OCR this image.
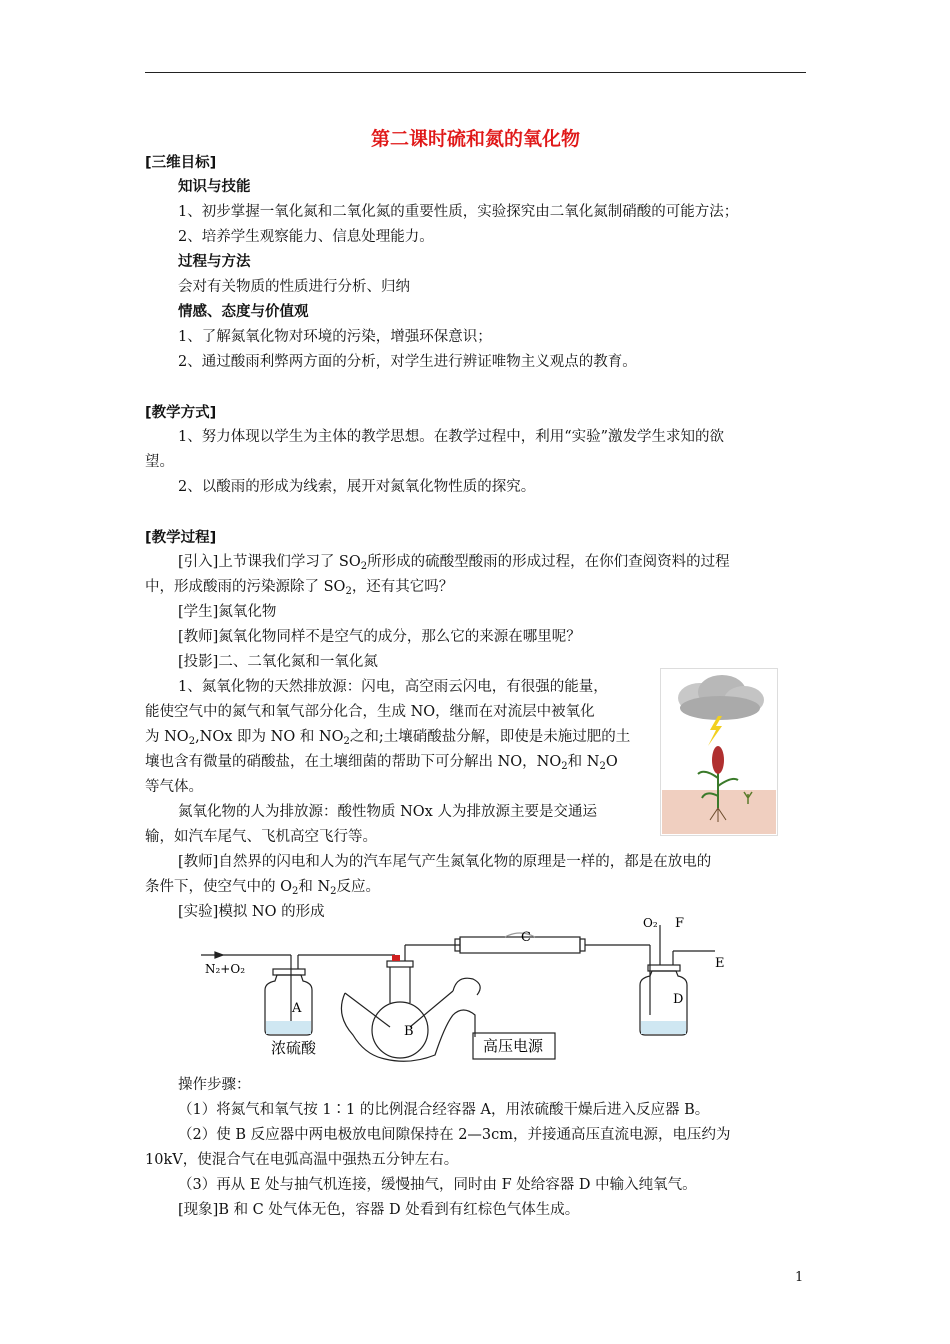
第二课时硫和氮的氧化物
[三维目标]
知识与技能
1、初步掌握一氧化氮和二氧化氮的重要性质，实验探究由二氧化氮制硝酸的可能方法；
2、培养学生观察能力、信息处理能力。
过程与方法
会对有关物质的性质进行分析、归纳
情感、态度与价值观
1、了解氮氧化物对环境的污染，增强环保意识；
2、通过酸雨利弊两方面的分析，对学生进行辨证唯物主义观点的教育。
[教学方式]
1、努力体现以学生为主体的教学思想。在教学过程中，利用“实验”激发学生求知的欲
望。
2、以酸雨的形成为线索，展开对氮氧化物性质的探究。
[教学过程]
[引入]上节课我们学习了 $SO_2$所形成的硫酸型酸雨的形成过程，在你们查阅资料的过程
中，形成酸雨的污染源除了 $SO_2$，还有其它吗？
[学生]氮氧化物
[教师]氮氧化物同样不是空气的成分，那么它的来源在哪里呢？
[投影]二、二氧化氮和一氧化氮
1、氮氧化物的天然排放源：闪电，高空雨云闪电，有很强的能量，
能使空气中的氮气和氧气部分化合，生成 NO，继而在对流层中被氧化
为 $NO_2,NOx$ 即为 NO 和 $NO_2$之和;土壤硝酸盐分解，即使是未施过肥的土
壤也含有微量的硝酸盐，在土壤细菌的帮助下可分解出 NO，$NO_2$和 $N_2O$
等气体。
氮氧化物的人为排放源：酸性物质 NOx 人为排放源主要是交通运
输，如汽车尾气、飞机高空飞行等。
[教师]自然界的闪电和人为的汽车尾气产生氮氧化物的原理是一样的，都是在放电的
条件下，使空气中的 $O_2$和 $N_2$反应。
[实验]模拟 NO 的形成
N₂+O₂
A
B
C
D
E
F
O₂
浓硫酸	高压电源
操作步骤：
（1）将氮气和氧气按 1∶1 的比例混合经容器 A，用浓硫酸干燥后进入反应器 B。
（2）使 B 反应器中两电极放电间隙保持在 2—3cm，并接通高压直流电源，电压约为
10kV，使混合气在电弧高温中强热五分钟左右。
（3）再从 E 处与抽气机连接，缓慢抽气，同时由 F 处给容器 D 中输入纯氧气。
[现象]B 和 C 处气体无色，容器 D 处看到有红棕色气体生成。
1
